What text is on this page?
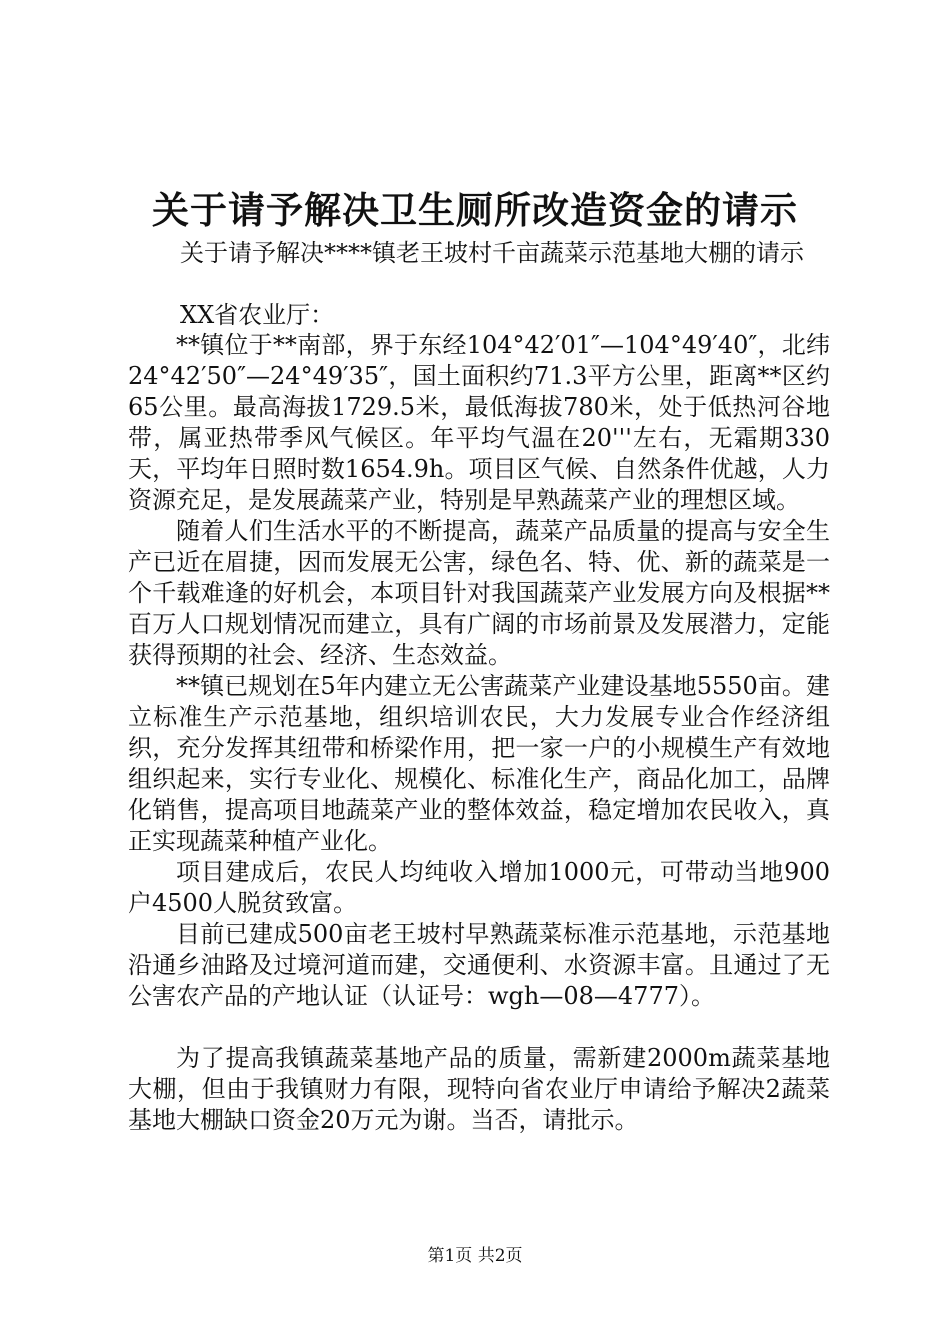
关于请予解决卫生厕所改造资金的请示
关于请予解决****镇老王坡村千亩蔬菜示范基地大棚的请示
XX省农业厅：

**镇位于**南部，界于东经104°42′01″—104°49′40″，北纬24°42′50″—24°49′35″，国土面积约71.3平方公里，距离**区约65公里。最高海拔1729.5米，最低海拔780米，处于低热河谷地带，属亚热带季风气候区。年平均气温在20'''左右，无霜期330天，平均年日照时数1654.9h。项目区气候、自然条件优越，人力资源充足，是发展蔬菜产业，特别是早熟蔬菜产业的理想区域。

随着人们生活水平的不断提高，蔬菜产品质量的提高与安全生产已近在眉捷，因而发展无公害，绿色名、特、优、新的蔬菜是一个千载难逢的好机会，本项目针对我国蔬菜产业发展方向及根据**百万人口规划情况而建立，具有广阔的市场前景及发展潜力，定能获得预期的社会、经济、生态效益。

**镇已规划在5年内建立无公害蔬菜产业建设基地5550亩。建立标准生产示范基地，组织培训农民，大力发展专业合作经济组织，充分发挥其纽带和桥梁作用，把一家一户的小规模生产有效地组织起来，实行专业化、规模化、标准化生产，商品化加工，品牌化销售，提高项目地蔬菜产业的整体效益，稳定增加农民收入，真正实现蔬菜种植产业化。

项目建成后，农民人均纯收入增加1000元，可带动当地900户4500人脱贫致富。

目前已建成500亩老王坡村早熟蔬菜标准示范基地，示范基地沿通乡油路及过境河道而建，交通便利、水资源丰富。且通过了无公害农产品的产地认证（认证号：wgh—08—4777）。

为了提高我镇蔬菜基地产品的质量，需新建2000m蔬菜基地大棚，但由于我镇财力有限，现特向省农业厅申请给予解决2蔬菜基地大棚缺口资金20万元为谢。当否，请批示。

第1页 共2页
